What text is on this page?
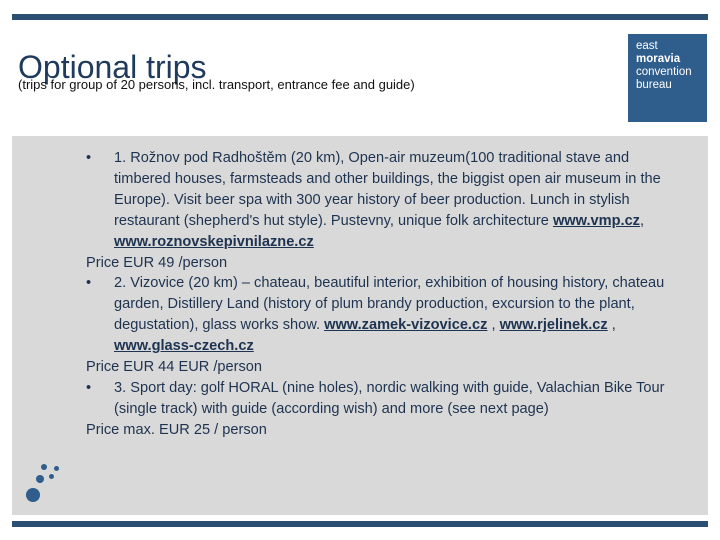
Optional trips
(trips for group of 20 persons, incl. transport, entrance fee and guide)
east
moravia
convention
bureau
• 1. Rožnov pod Radhoštěm (20 km), Open-air muzeum(100 traditional stave and timbered houses, farmsteads and other buildings, the biggist open air museum in the Europe). Visit beer spa with 300 year history of beer production. Lunch in stylish restaurant (shepherd's hut style). Pustevny, unique folk architecture www.vmp.cz, www.roznovskepivnilazne.cz
Price EUR 49 /person
• 2. Vizovice (20 km) – chateau, beautiful interior, exhibition of housing history, chateau garden, Distillery Land (history of plum brandy production, excursion to the plant, degustation), glass works show. www.zamek-vizovice.cz , www.rjelinek.cz , www.glass-czech.cz
Price EUR 44 EUR /person
• 3. Sport day: golf HORAL (nine holes), nordic walking with guide, Valachian Bike Tour (single track) with guide (according wish) and more (see next page)
Price max. EUR 25 / person
